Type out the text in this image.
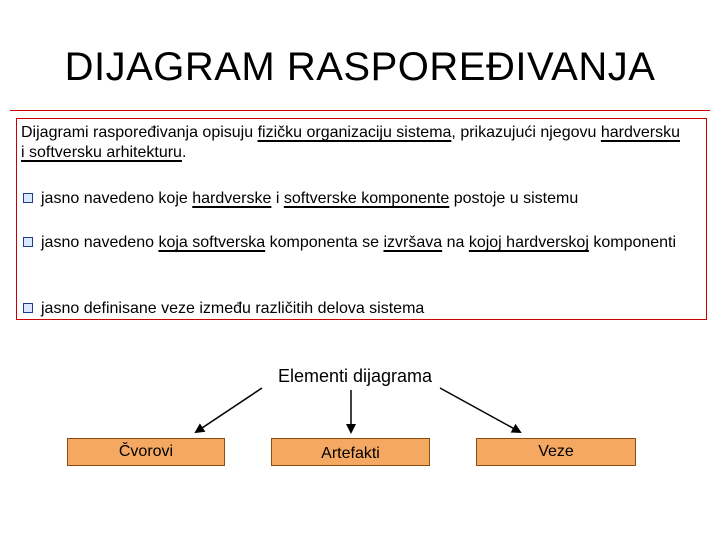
DIJAGRAM RASPOREĐIVANJA
Dijagrami raspoređivanja opisuju fizičku organizaciju sistema, prikazujući njegovu hardversku i softversku arhitekturu.
jasno navedeno koje hardverske i softverske komponente postoje u sistemu
jasno navedeno koja softverska komponenta se izvršava na kojoj hardverskoj komponenti
jasno definisane veze između različitih delova sistema
Elementi dijagrama
Čvorovi	Artefakti	Veze
